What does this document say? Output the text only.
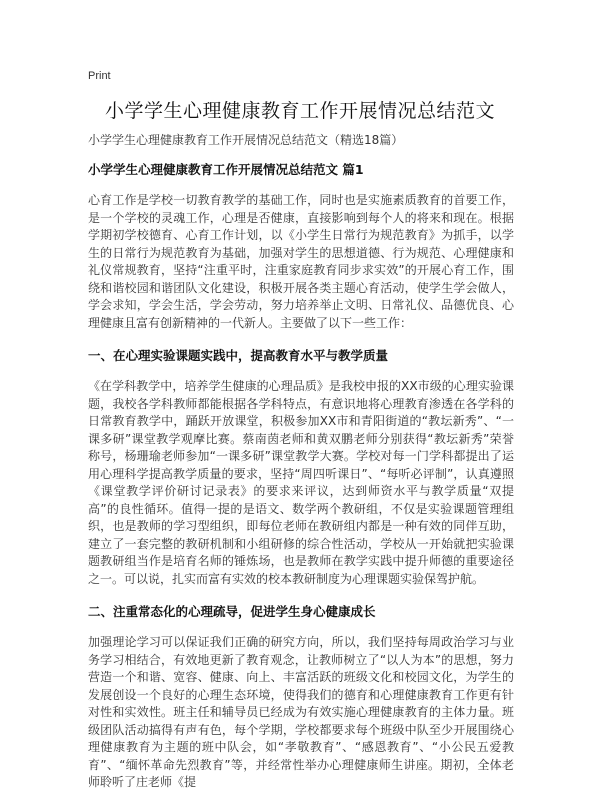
Print
小学学生心理健康教育工作开展情况总结范文

小学学生心理健康教育工作开展情况总结范文（精选18篇）

小学学生心理健康教育工作开展情况总结范文 篇1

心育工作是学校一切教育教学的基础工作，同时也是实施素质教育的首要工作，是一个学校的灵魂工作，心理是否健康，直接影响到每个人的将来和现在。根据学期初学校德育、心育工作计划，以《小学生日常行为规范教育》为抓手，以学生的日常行为规范教育为基础，加强对学生的思想道德、行为规范、心理健康和礼仪常规教育，坚持“注重平时，注重家庭教育同步求实效”的开展心育工作，围绕和谐校园和谐团队文化建设，积极开展各类主题心育活动，使学生学会做人，学会求知，学会生活，学会劳动，努力培养举止文明、日常礼仪、品德优良、心理健康且富有创新精神的一代新人。主要做了以下一些工作：

一、在心理实验课题实践中，提高教育水平与教学质量

《在学科教学中，培养学生健康的心理品质》是我校申报的XX市级的心理实验课题，我校各学科教师都能根据各学科特点，有意识地将心理教育渗透在各学科的日常教育教学中，踊跃开放课堂，积极参加XX市和青阳街道的“教坛新秀”、“一课多研”课堂教学观摩比赛。蔡南茵老师和黄双鹏老师分别获得“教坛新秀”荣誉称号，杨珊瑜老师参加“一课多研”课堂教学大赛。学校对每一门学科都提出了运用心理科学提高教学质量的要求，坚持“周四听课日”、“每听必评制”，认真遵照《课堂教学评价研讨记录表》的要求来评议，达到师资水平与教学质量“双提高”的良性循环。值得一提的是语文、数学两个教研组，不仅是实验课题管理组织，也是教师的学习型组织，即每位老师在教研组内都是一种有效的同伴互助，建立了一套完整的教研机制和小组研修的综合性活动，学校从一开始就把实验课题教研组当作是培育名师的锤炼场，也是教师在教学实践中提升师德的重要途径之一。可以说，扎实而富有实效的校本教研制度为心理课题实验保驾护航。

二、注重常态化的心理疏导，促进学生身心健康成长

加强理论学习可以保证我们正确的研究方向，所以，我们坚持每周政治学习与业务学习相结合，有效地更新了教育观念，让教师树立了“以人为本”的思想，努力营造一个和谐、宽容、健康、向上、丰富活跃的班级文化和校园文化，为学生的发展创设一个良好的心理生态环境，使得我们的德育和心理健康教育工作更有针对性和实效性。班主任和辅导员已经成为有效实施心理健康教育的主体力量。班级团队活动搞得有声有色，每个学期，学校都要求每个班级中队至少开展围绕心理健康教育为主题的班中队会，如“孝敬教育”、“感恩教育”、“小公民五爱教育”、“缅怀革命先烈教育”等，并经常性举办心理健康师生讲座。期初，全体老师聆听了庄老师《提
